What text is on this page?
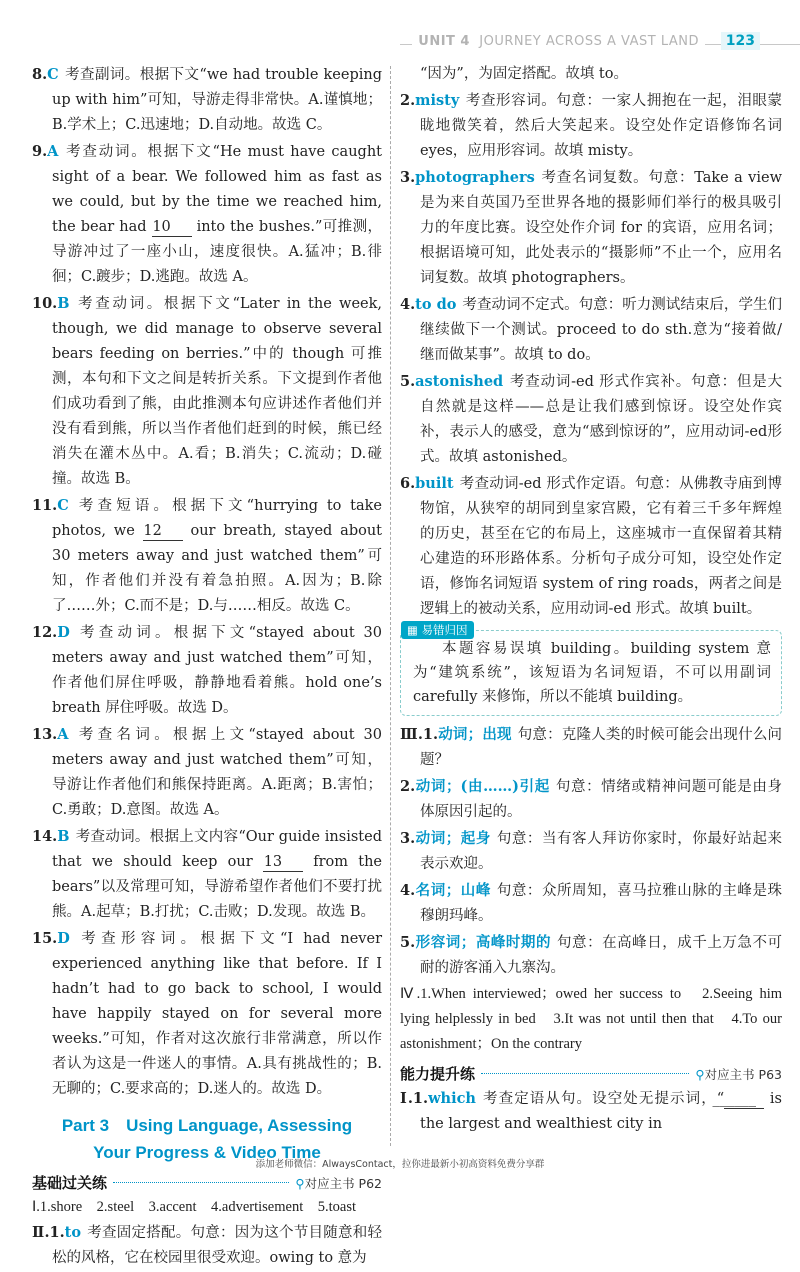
UNIT 4 JOURNEY ACROSS A VAST LAND	123

8.C 考查副词。根据下文“we had trouble keeping up with him”可知，导游走得非常快。A.谨慎地；B.学术上；C.迅速地；D.自动地。故选 C。

9.A 考查动词。根据下文“He must have caught sight of a bear. We followed him as fast as we could, but by the time we reached him, the bear had 10 into the bushes.”可推测，导游冲过了一座小山，速度很快。A.猛冲；B.徘徊；C.踱步；D.逃跑。故选 A。

10.B 考查动词。根据下文“Later in the week, though, we did manage to observe several bears feeding on berries.”中的 though 可推测，本句和下文之间是转折关系。下文提到作者他们成功看到了熊，由此推测本句应讲述作者他们并没有看到熊，所以当作者他们赶到的时候，熊已经消失在灌木丛中。A.看；B.消失；C.流动；D.碰撞。故选 B。

11.C 考查短语。根据下文“hurrying to take photos, we 12 our breath, stayed about 30 meters away and just watched them”可知，作者他们并没有着急拍照。A.因为；B.除了……外；C.而不是；D.与……相反。故选 C。

12.D 考查动词。根据下文“stayed about 30 meters away and just watched them”可知，作者他们屏住呼吸，静静地看着熊。hold one’s breath 屏住呼吸。故选 D。

13.A 考查名词。根据上文“stayed about 30 meters away and just watched them”可知，导游让作者他们和熊保持距离。A.距离；B.害怕；C.勇敢；D.意图。故选 A。

14.B 考查动词。根据上文内容“Our guide insisted that we should keep our 13 from the bears”以及常理可知，导游希望作者他们不要打扰熊。A.起草；B.打扰；C.击败；D.发现。故选 B。

15.D 考查形容词。根据下文“I had never experienced anything like that before. If I hadn’t had to go back to school, I would have happily stayed on for several more weeks.”可知，作者对这次旅行非常满意，所以作者认为这是一件迷人的事情。A.具有挑战性的；B.无聊的；C.要求高的；D.迷人的。故选 D。

Part 3　Using Language, Assessing
Your Progress & Video Time
基础过关练	⚲对应主书 P62

Ⅰ.1.shore　2.steel　3.accent　4.advertisement　5.toast

Ⅱ.1.to 考查固定搭配。句意：因为这个节目随意和轻松的风格，它在校园里很受欢迎。owing to 意为

“因为”，为固定搭配。故填 to。

2.misty 考查形容词。句意：一家人拥抱在一起，泪眼蒙眬地微笑着，然后大笑起来。设空处作定语修饰名词 eyes，应用形容词。故填 misty。

3.photographers 考查名词复数。句意：Take a view 是为来自英国乃至世界各地的摄影师们举行的极具吸引力的年度比赛。设空处作介词 for 的宾语，应用名词；根据语境可知，此处表示的“摄影师”不止一个，应用名词复数。故填 photographers。

4.to do 考查动词不定式。句意：听力测试结束后，学生们继续做下一个测试。proceed to do sth.意为“接着做/继而做某事”。故填 to do。

5.astonished 考查动词-ed 形式作宾补。句意：但是大自然就是这样——总是让我们感到惊讶。设空处作宾补，表示人的感受，意为“感到惊讶的”，应用动词-ed形式。故填 astonished。

6.built 考查动词-ed 形式作定语。句意：从佛教寺庙到博物馆，从狭窄的胡同到皇家宫殿，它有着三千多年辉煌的历史，甚至在它的布局上，这座城市一直保留着其精心建造的环形路体系。分析句子成分可知，设空处作定语，修饰名词短语 system of ring roads，两者之间是逻辑上的被动关系，应用动词-ed 形式。故填 built。

▦ 易错归因
本题容易误填 building。building system 意为“建筑系统”，该短语为名词短语，不可以用副词 carefully 来修饰，所以不能填 building。

Ⅲ.1.动词；出现 句意：克隆人类的时候可能会出现什么问题？

2.动词；(由……)引起 句意：情绪或精神问题可能是由身体原因引起的。

3.动词；起身 句意：当有客人拜访你家时，你最好站起来表示欢迎。

4.名词；山峰 句意：众所周知，喜马拉雅山脉的主峰是珠穆朗玛峰。

5.形容词；高峰时期的 句意：在高峰日，成千上万急不可耐的游客涌入九寨沟。

Ⅳ.1.When interviewed；owed her success to　2.Seeing him lying helplessly in bed　3.It was not until then that　4.To our astonishment；On the contrary

能力提升练	⚲对应主书 P63

Ⅰ.1.which 考查定语从句。设空处无提示词，“______ is the largest and wealthiest city in

添加老师微信：AlwaysContact，拉你进最新小初高资料免费分享群
